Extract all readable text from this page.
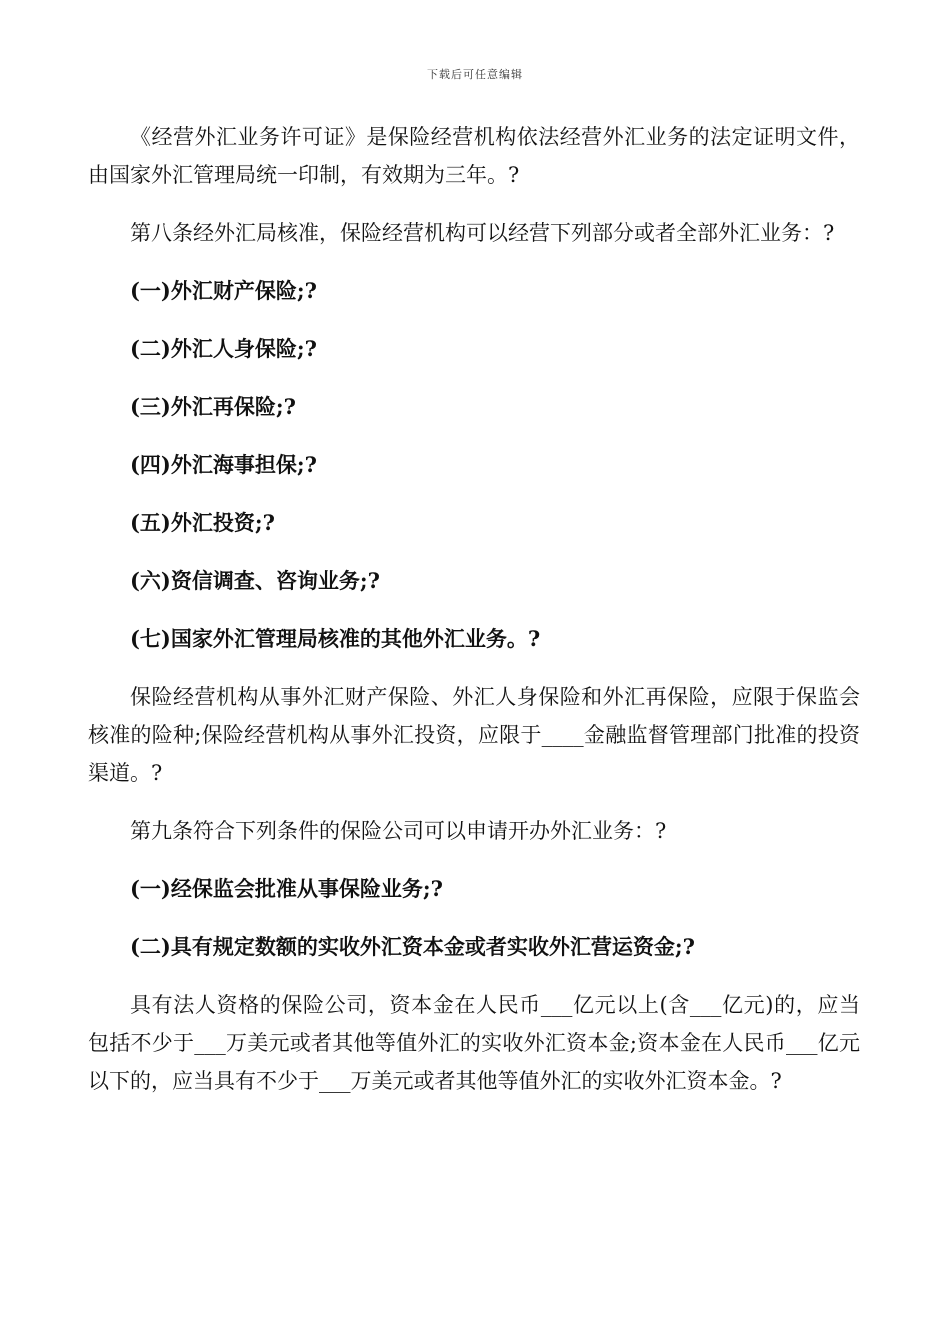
下载后可任意编辑

《经营外汇业务许可证》是保险经营机构依法经营外汇业务的法定证明文件，由国家外汇管理局统一印制，有效期为三年。?

第八条经外汇局核准，保险经营机构可以经营下列部分或者全部外汇业务：?

(一)外汇财产保险;?

(二)外汇人身保险;?

(三)外汇再保险;?

(四)外汇海事担保;?

(五)外汇投资;?

(六)资信调查、咨询业务;?

(七)国家外汇管理局核准的其他外汇业务。?

保险经营机构从事外汇财产保险、外汇人身保险和外汇再保险，应限于保监会核准的险种;保险经营机构从事外汇投资，应限于____金融监督管理部门批准的投资渠道。?

第九条符合下列条件的保险公司可以申请开办外汇业务：?

(一)经保监会批准从事保险业务;?

(二)具有规定数额的实收外汇资本金或者实收外汇营运资金;?

具有法人资格的保险公司，资本金在人民币___亿元以上(含___亿元)的，应当包括不少于___万美元或者其他等值外汇的实收外汇资本金;资本金在人民币___亿元以下的，应当具有不少于___万美元或者其他等值外汇的实收外汇资本金。?
